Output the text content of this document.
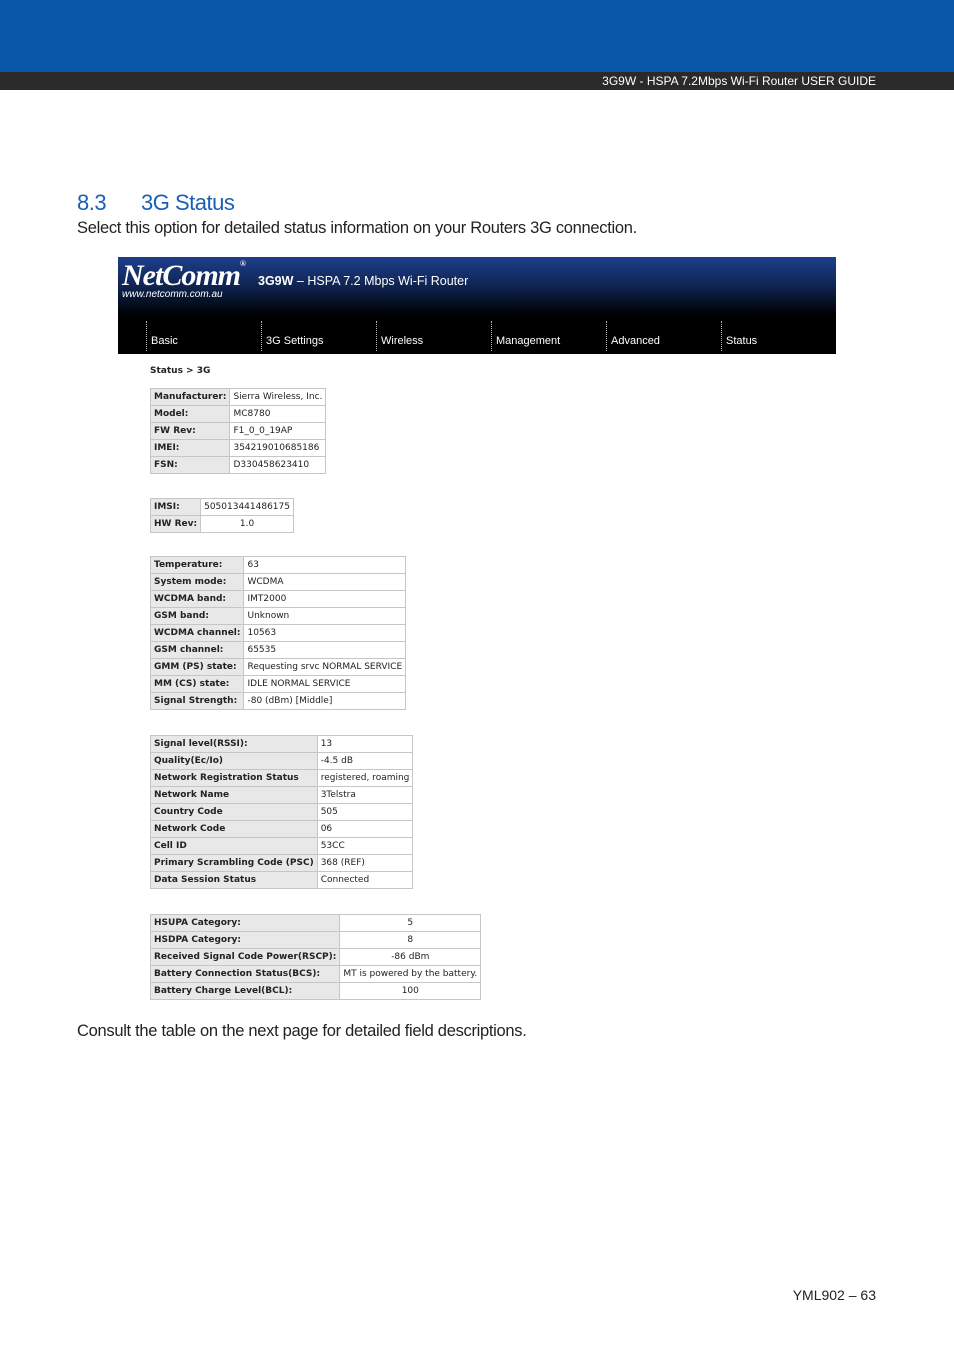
3G9W - HSPA 7.2Mbps Wi-Fi Router USER GUIDE
8.3 3G Status

Select this option for detailed status information on your Routers 3G connection.

NetComm®
www.netcomm.com.au
3G9W – HSPA 7.2 Mbps Wi-Fi Router
Basic	3G Settings	Wireless	Management	Advanced	Status
Status > 3G
Manufacturer:	Sierra Wireless, Inc.
Model:	MC8780
FW Rev:	F1_0_0_19AP
IMEI:	354219010685186
FSN:	D330458623410
IMSI:	505013441486175
HW Rev:	1.0
Temperature:	63
System mode:	WCDMA
WCDMA band:	IMT2000
GSM band:	Unknown
WCDMA channel:	10563
GSM channel:	65535
GMM (PS) state:	Requesting srvc NORMAL SERVICE
MM (CS) state:	IDLE NORMAL SERVICE
Signal Strength:	-80 (dBm) [Middle]
Signal level(RSSI):	13
Quality(Ec/Io)	-4.5 dB
Network Registration Status	registered, roaming
Network Name	3Telstra
Country Code	505
Network Code	06
Cell ID	53CC
Primary Scrambling Code (PSC)	368 (REF)
Data Session Status	Connected
HSUPA Category:	5
HSDPA Category:	8
Received Signal Code Power(RSCP):	-86 dBm
Battery Connection Status(BCS):	MT is powered by the battery.
Battery Charge Level(BCL):	100

Consult the table on the next page for detailed field descriptions.

YML902 – 63
